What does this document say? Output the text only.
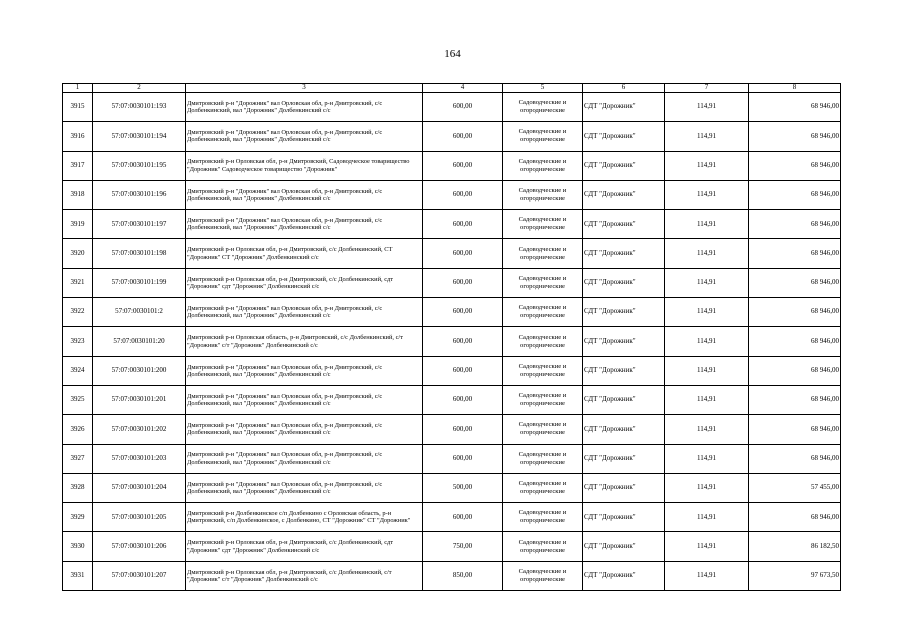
164
1	2	3	4	5	6	7	8
3915	57:07:0030101:193	Дмитровский р-н "Дорожник" вал Орловская обл, р-н Дмитровский, с/с Долбенкинский, вал "Дорожник" Долбенкинский с/с	600,00	Садоводческие и огороднические	СДТ "Дорожник"	114,91	68 946,00
3916	57:07:0030101:194	Дмитровский р-н "Дорожник" вал Орловская обл, р-н Дмитровский, с/с Долбенкинский, вал "Дорожник" Долбенкинский с/с	600,00	Садоводческие и огороднические	СДТ "Дорожник"	114,91	68 946,00
3917	57:07:0030101:195	Дмитровский р-н Орловская обл, р-н Дмитровский, Садоводческое товарищество "Дорожник" Садоводческое товарищество "Дорожник"	600,00	Садоводческие и огороднические	СДТ "Дорожник"	114,91	68 946,00
3918	57:07:0030101:196	Дмитровский р-н "Дорожник" вал Орловская обл, р-н Дмитровский, с/с Долбенкинский, вал "Дорожник" Долбенкинский с/с	600,00	Садоводческие и огороднические	СДТ "Дорожник"	114,91	68 946,00
3919	57:07:0030101:197	Дмитровский р-н "Дорожник" вал Орловская обл, р-н Дмитровский, с/с Долбенкинский, вал "Дорожник" Долбенкинский с/с	600,00	Садоводческие и огороднические	СДТ "Дорожник"	114,91	68 946,00
3920	57:07:0030101:198	Дмитровский р-н Орловская обл, р-н Дмитровский, с/с Долбенкинский, СТ "Дорожник" СТ "Дорожник" Долбенкинский с/с	600,00	Садоводческие и огороднические	СДТ "Дорожник"	114,91	68 946,00
3921	57:07:0030101:199	Дмитровский р-н Орловская обл, р-н Дмитровский, с/с Долбенкинский, сдт "Дорожник" сдт "Дорожник" Долбенкинский с/с	600,00	Садоводческие и огороднические	СДТ "Дорожник"	114,91	68 946,00
3922	57:07:0030101:2	Дмитровский р-н "Дорожник" вал Орловская обл, р-н Дмитровский, с/с Долбенкинский, вал "Дорожник" Долбенкинский с/с	600,00	Садоводческие и огороднические	СДТ "Дорожник"	114,91	68 946,00
3923	57:07:0030101:20	Дмитровский р-н Орловская область, р-н Дмитровский, с/с Долбенкинский, с/т "Дорожник" с/т "Дорожник" Долбенкинский с/с	600,00	Садоводческие и огороднические	СДТ "Дорожник"	114,91	68 946,00
3924	57:07:0030101:200	Дмитровский р-н "Дорожник" вал Орловская обл, р-н Дмитровский, с/с Долбенкинский, вал "Дорожник" Долбенкинский с/с	600,00	Садоводческие и огороднические	СДТ "Дорожник"	114,91	68 946,00
3925	57:07:0030101:201	Дмитровский р-н "Дорожник" вал Орловская обл, р-н Дмитровский, с/с Долбенкинский, вал "Дорожник" Долбенкинский с/с	600,00	Садоводческие и огороднические	СДТ "Дорожник"	114,91	68 946,00
3926	57:07:0030101:202	Дмитровский р-н "Дорожник" вал Орловская обл, р-н Дмитровский, с/с Долбенкинский, вал "Дорожник" Долбенкинский с/с	600,00	Садоводческие и огороднические	СДТ "Дорожник"	114,91	68 946,00
3927	57:07:0030101:203	Дмитровский р-н "Дорожник" вал Орловская обл, р-н Дмитровский, с/с Долбенкинский, вал "Дорожник" Долбенкинский с/с	600,00	Садоводческие и огороднические	СДТ "Дорожник"	114,91	68 946,00
3928	57:07:0030101:204	Дмитровский р-н "Дорожник" вал Орловская обл, р-н Дмитровский, с/с Долбенкинский, вал "Дорожник" Долбенкинский с/с	500,00	Садоводческие и огороднические	СДТ "Дорожник"	114,91	57 455,00
3929	57:07:0030101:205	Дмитровский р-н Долбенкинское с/п Долбенкино с Орловская область, р-н Дмитровский, с/п Долбенкинское, с Долбенкино, СТ "Дорожник" СТ "Дорожник"	600,00	Садоводческие и огороднические	СДТ "Дорожник"	114,91	68 946,00
3930	57:07:0030101:206	Дмитровский р-н Орловская обл, р-н Дмитровский, с/с Долбенкинский, сдт "Дорожник" сдт "Дорожник" Долбенкинский с/с	750,00	Садоводческие и огороднические	СДТ "Дорожник"	114,91	86 182,50
3931	57:07:0030101:207	Дмитровский р-н Орловская обл, р-н Дмитровский, с/с Долбенкинский, с/т "Дорожник" с/т "Дорожник" Долбенкинский с/с	850,00	Садоводческие и огороднические	СДТ "Дорожник"	114,91	97 673,50
